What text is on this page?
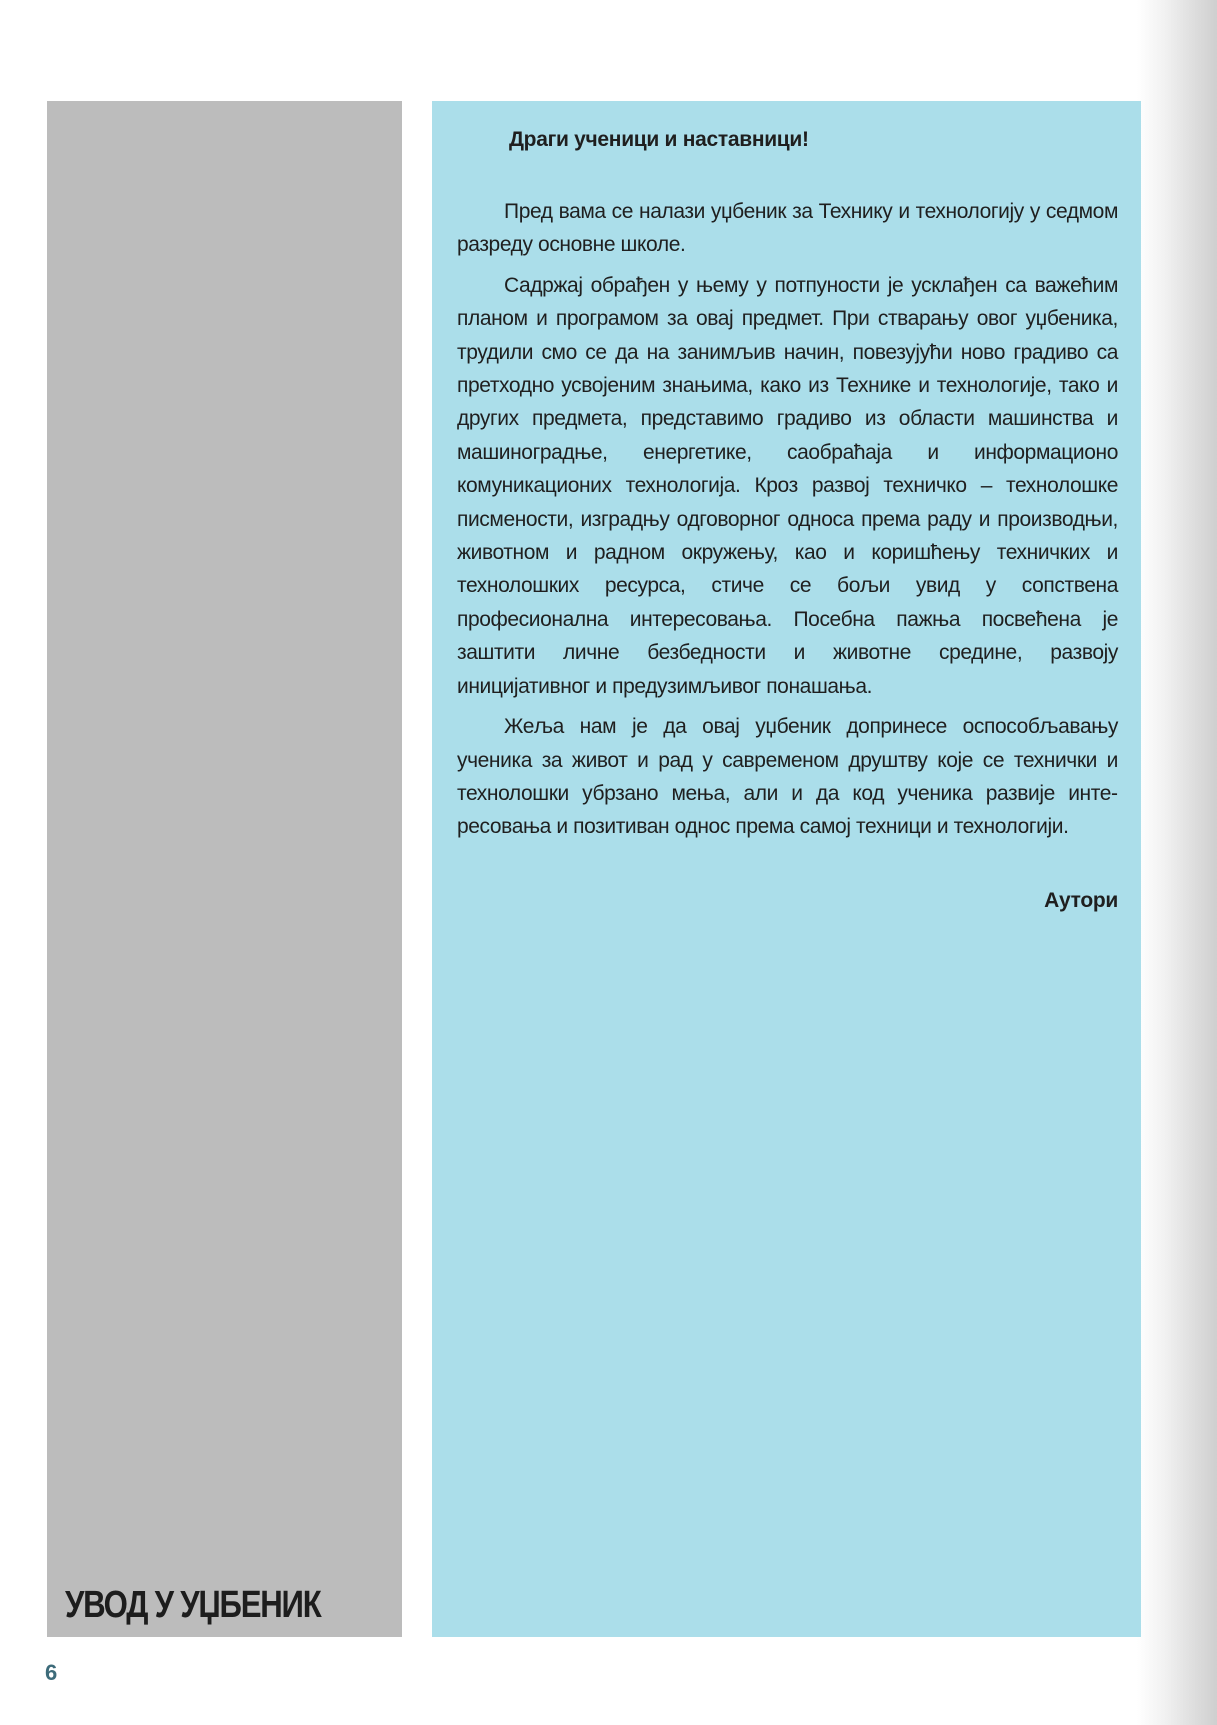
УВОД У УЏБЕНИК

Драги ученици и наставници!

Пред вама се налази уџбеник за Технику и технологију у седмом разреду основне школе.

Садржај обрађен у њему у потпуности је усклађен са важећим планом и програмом за овај предмет. При стварању овог уџбеника, трудили смо се да на занимљив начин, повезујући ново градиво са претходно усвојеним знањима, како из Технике и технологије, тако и других предмета, представимо градиво из области машинства и машиноградње, енергетике, саобраћаја и информационо комуникационих технологија. Кроз развој техничко – технолошке писмености, изградњу одговорног односа према раду и производњи, животном и радном окружењу, као и коришћењу техничких и технолошких ресурса, стиче се бољи увид у сопствена професионална интересовања. Посебна пажња посвећена је заштити личне безбедности и животне средине, развоју иницијативног и предузимљивог понашања.

Жеља нам је да овај уџбеник допринесе оспособљавању ученика за живот и рад у савременом друштву које се технички и технолошки убрзано мења, али и да код ученика развије интересовања и позитиван однос према самој техници и технологији.

Аутори

6
